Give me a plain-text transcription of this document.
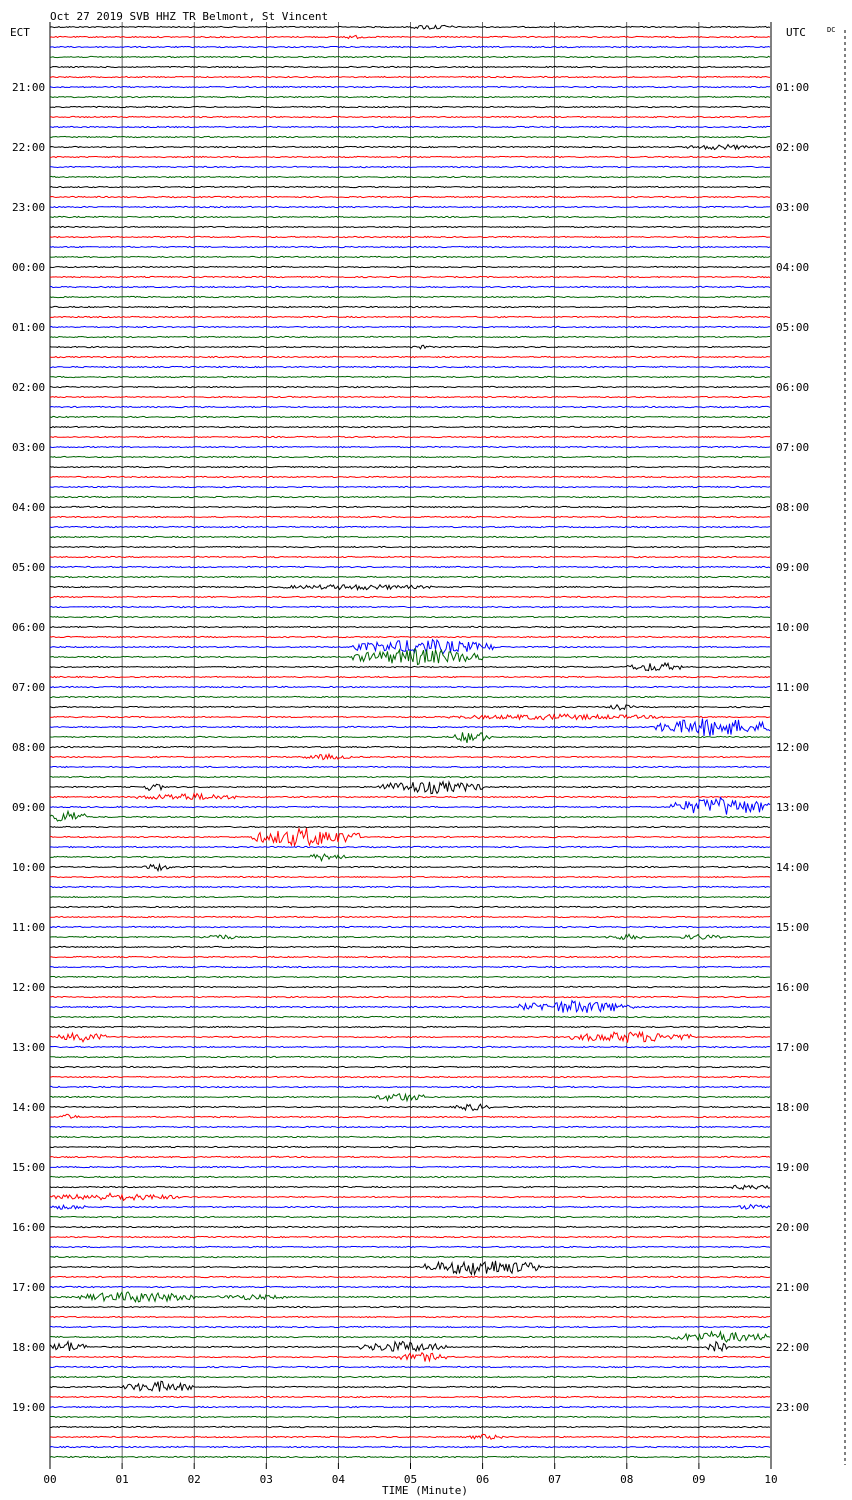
Oct 27 2019 SVB HHZ TR Belmont, St Vincent
ECT	UTC	DC
21:00
22:00
23:00
00:00
01:00
02:00
03:00
04:00
05:00
06:00
07:00
08:00
09:00
10:00
11:00
12:00
13:00
14:00
15:00
16:00
17:00
18:00
19:00
01:00
02:00
03:00
04:00
05:00
06:00
07:00
08:00
09:00
10:00
11:00
12:00
13:00
14:00
15:00
16:00
17:00
18:00
19:00
20:00
21:00
22:00
23:00
00	01	02	03	04	05	06	07	08	09	10
TIME (Minute)
